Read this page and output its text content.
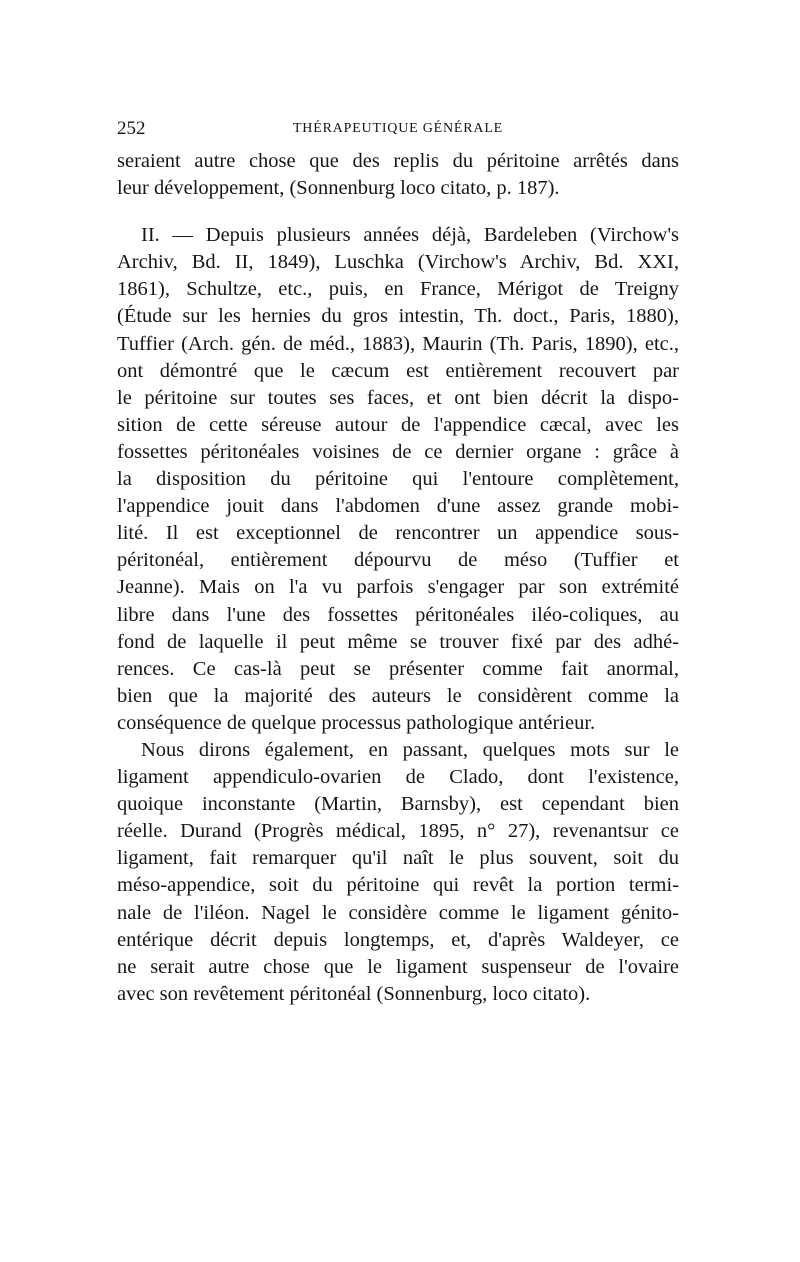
252	THÉRAPEUTIQUE GÉNÉRALE
seraient autre chose que des replis du péritoine arrêtés dans
leur développement, (Sonnenburg loco citato, p. 187).
II. — Depuis plusieurs années déjà, Bardeleben (Virchow's
Archiv, Bd. II, 1849), Luschka (Virchow's Archiv, Bd. XXI,
1861), Schultze, etc., puis, en France, Mérigot de Treigny
(Étude sur les hernies du gros intestin, Th. doct., Paris, 1880),
Tuffier (Arch. gén. de méd., 1883), Maurin (Th. Paris, 1890), etc.,
ont démontré que le cæcum est entièrement recouvert par
le péritoine sur toutes ses faces, et ont bien décrit la dispo-
sition de cette séreuse autour de l'appendice cæcal, avec les
fossettes péritonéales voisines de ce dernier organe : grâce à
la disposition du péritoine qui l'entoure complètement,
l'appendice jouit dans l'abdomen d'une assez grande mobi-
lité. Il est exceptionnel de rencontrer un appendice sous-
péritonéal, entièrement dépourvu de méso (Tuffier et
Jeanne). Mais on l'a vu parfois s'engager par son extrémité
libre dans l'une des fossettes péritonéales iléo-coliques, au
fond de laquelle il peut même se trouver fixé par des adhé-
rences. Ce cas-là peut se présenter comme fait anormal,
bien que la majorité des auteurs le considèrent comme la
conséquence de quelque processus pathologique antérieur.
Nous dirons également, en passant, quelques mots sur le
ligament appendiculo-ovarien de Clado, dont l'existence,
quoique inconstante (Martin, Barnsby), est cependant bien
réelle. Durand (Progrès médical, 1895, n° 27), revenantsur ce
ligament, fait remarquer qu'il naît le plus souvent, soit du
méso-appendice, soit du péritoine qui revêt la portion termi-
nale de l'iléon. Nagel le considère comme le ligament génito-
entérique décrit depuis longtemps, et, d'après Waldeyer, ce
ne serait autre chose que le ligament suspenseur de l'ovaire
avec son revêtement péritonéal (Sonnenburg, loco citato).
